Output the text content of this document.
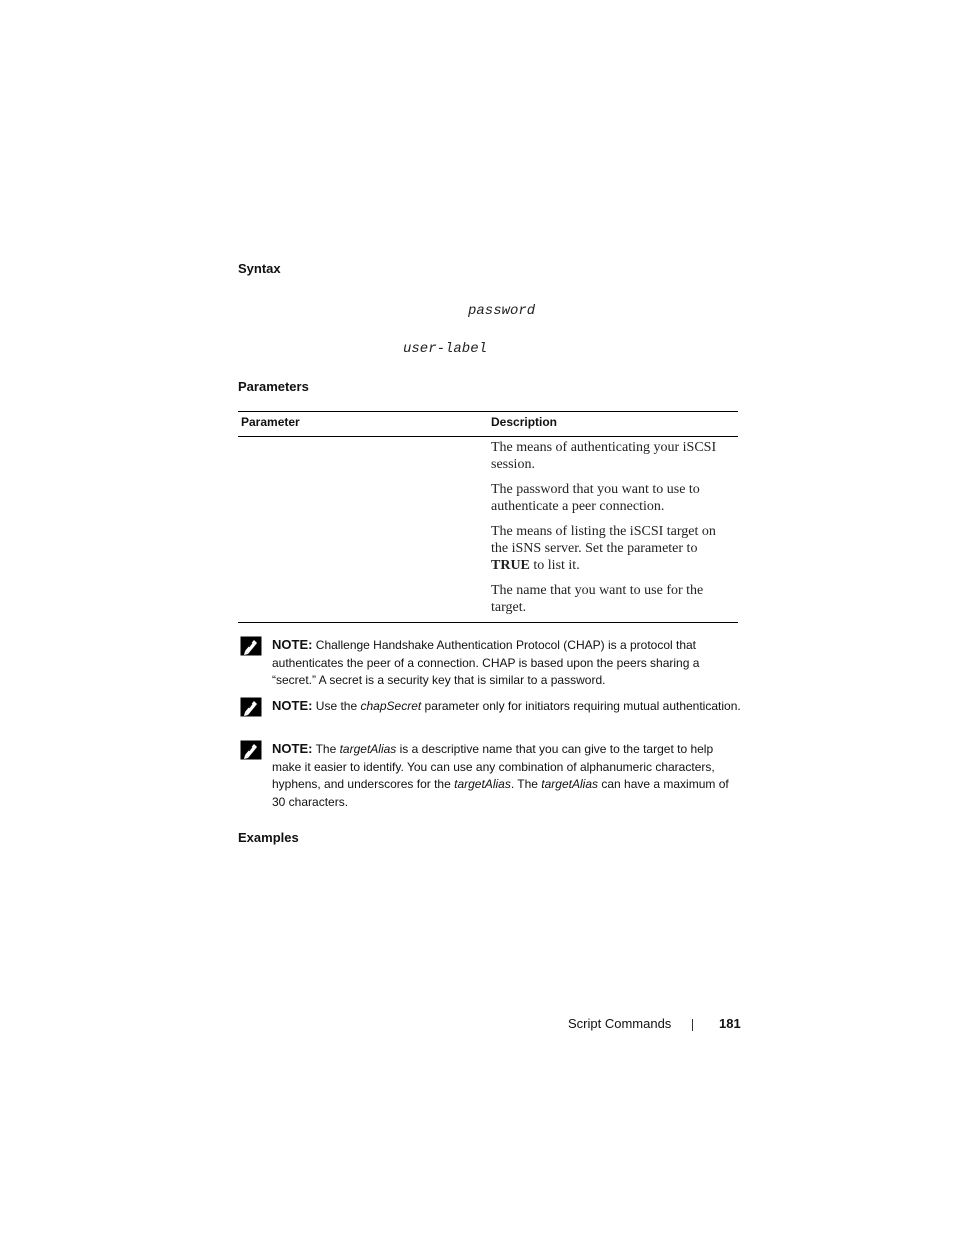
Syntax
password
user-label
Parameters
Parameter	Description
The means of authenticating your iSCSI session.
The password that you want to use to authenticate a peer connection.
The means of listing the iSCSI target on the iSNS server. Set the parameter to TRUE to list it.
The name that you want to use for the target.
NOTE: Challenge Handshake Authentication Protocol (CHAP) is a protocol that authenticates the peer of a connection. CHAP is based upon the peers sharing a “secret.” A secret is a security key that is similar to a password.
NOTE: Use the chapSecret parameter only for initiators requiring mutual authentication.
NOTE: The targetAlias is a descriptive name that you can give to the target to help make it easier to identify. You can use any combination of alphanumeric characters, hyphens, and underscores for the targetAlias. The targetAlias can have a maximum of 30 characters.
Examples
Script Commands	181
